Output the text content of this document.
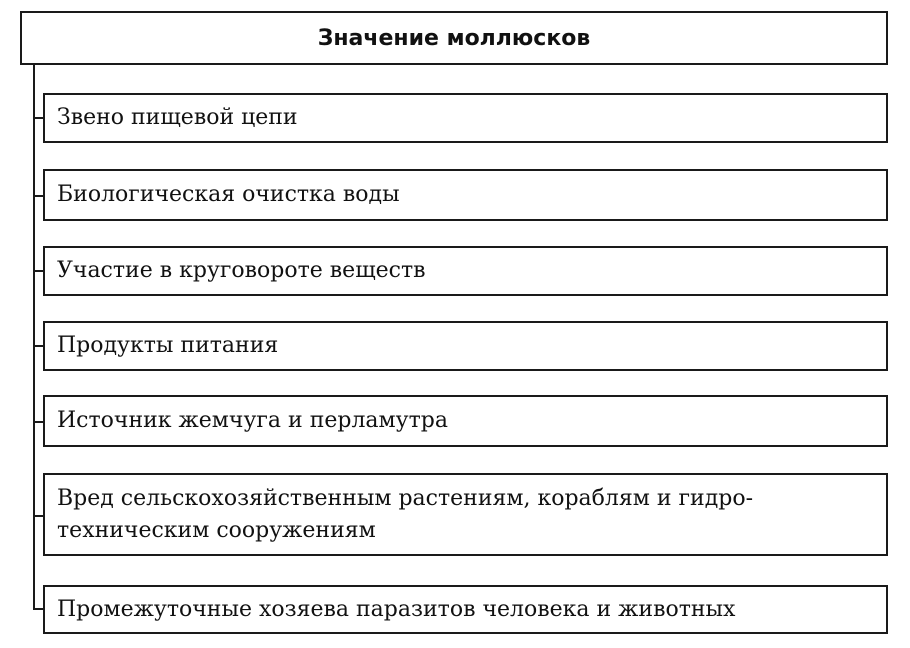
Значение моллюсков
Звено пищевой цепи
Биологическая очистка воды
Участие в круговороте веществ
Продукты питания
Источник жемчуга и перламутра
Вред сельскохозяйственным растениям, кораблям и гидро-
техническим сооружениям
Промежуточные хозяева паразитов человека и животных
